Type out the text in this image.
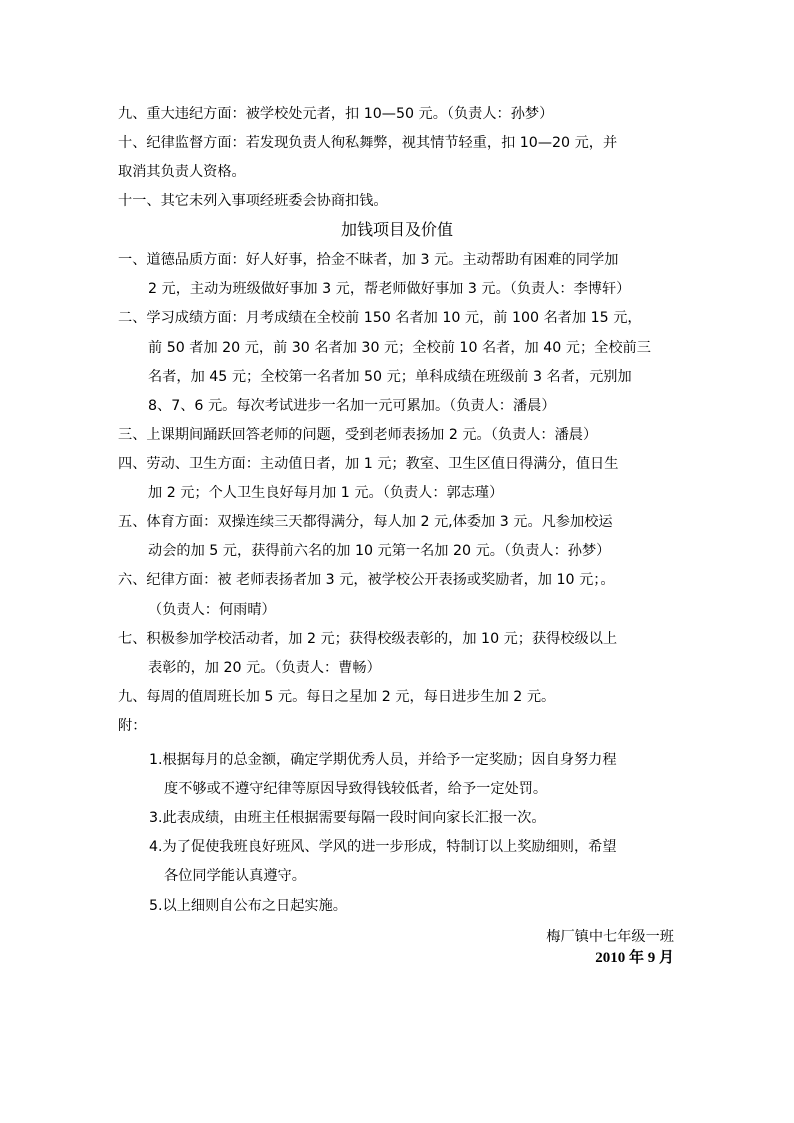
九、重大违纪方面：被学校处元者，扣 10—50 元。（负责人：孙梦）
十、纪律监督方面：若发现负责人徇私舞弊，视其情节轻重，扣 10—20 元，并
取消其负责人资格。
十一、其它未列入事项经班委会协商扣钱。
加钱项目及价值
一、道德品质方面：好人好事，拾金不昧者，加 3 元。主动帮助有困难的同学加
2 元，主动为班级做好事加 3 元，帮老师做好事加 3 元。（负责人：李博轩）
二、学习成绩方面：月考成绩在全校前 150 名者加 10 元，前 100 名者加 15 元，
前 50 者加 20 元，前 30 名者加 30 元；全校前 10 名者，加 40 元；全校前三
名者，加 45 元；全校第一名者加 50 元；单科成绩在班级前 3 名者，元别加
8、7、6 元。每次考试进步一名加一元可累加。（负责人：潘晨）
三、上课期间踊跃回答老师的问题，受到老师表扬加 2 元。（负责人：潘晨）
四、劳动、卫生方面：主动值日者，加 1 元；教室、卫生区值日得满分，值日生
加 2 元；个人卫生良好每月加 1 元。（负责人：郭志瑾）
五、体育方面：双操连续三天都得满分，每人加 2 元,体委加 3 元。凡参加校运
动会的加 5 元，获得前六名的加 10 元第一名加 20 元。（负责人：孙梦）
六、纪律方面：被 老师表扬者加 3 元，被学校公开表扬或奖励者，加 10 元；。
（负责人：何雨晴）
七、积极参加学校活动者，加 2 元；获得校级表彰的，加 10 元；获得校级以上
表彰的，加 20 元。（负责人：曹畅）
九、每周的值周班长加 5 元。每日之星加 2 元，每日进步生加 2 元。
附：
1.根据每月的总金额，确定学期优秀人员，并给予一定奖励；因自身努力程
度不够或不遵守纪律等原因导致得钱较低者，给予一定处罚。
3.此表成绩，由班主任根据需要每隔一段时间向家长汇报一次。
4.为了促使我班良好班风、学风的进一步形成，特制订以上奖励细则，希望
各位同学能认真遵守。
5.以上细则自公布之日起实施。
梅厂镇中七年级一班
2010 年 9 月
